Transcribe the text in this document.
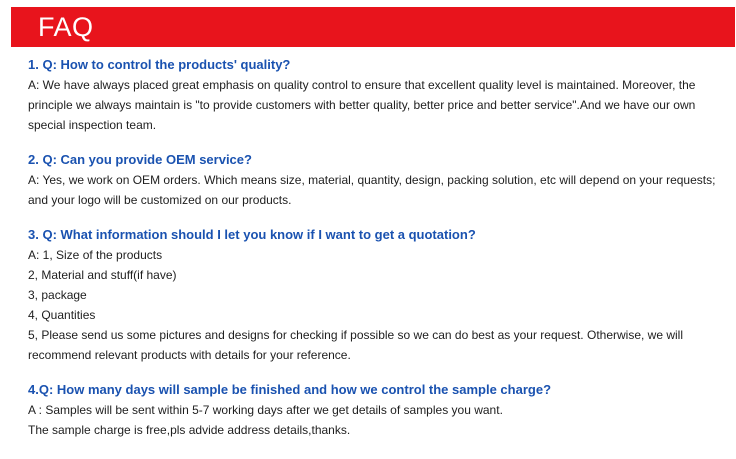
FAQ
1. Q: How to control the products' quality?
A: We have always placed great emphasis on quality control to ensure that excellent quality level is maintained. Moreover, the principle we always maintain is "to provide customers with better quality, better price and better service".And we have our own special inspection team.
2. Q: Can you provide OEM service?
A: Yes, we work on OEM orders. Which means size, material, quantity, design, packing solution, etc will depend on your requests; and your logo will be customized on our products.
3. Q: What information should I let you know if I want to get a quotation?
A: 1, Size of the products
2, Material and stuff(if have)
3, package
4, Quantities
5, Please send us some pictures and designs for checking if possible so we can do best as your request. Otherwise, we will recommend relevant products with details for your reference.
4.Q: How many days will sample be finished and how we control the sample charge?
A : Samples will be sent within 5-7 working days after we get details of samples you want.
The sample charge is free,pls advide address details,thanks.
